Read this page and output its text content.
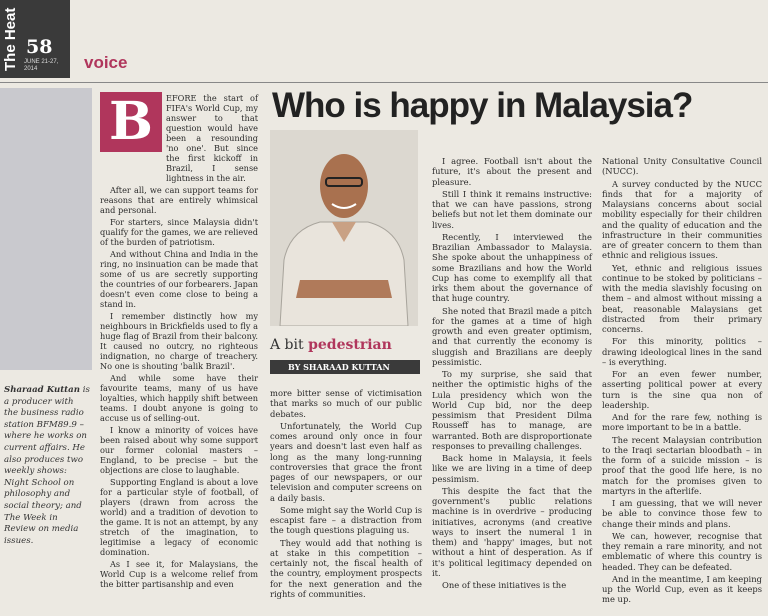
The Heat 58
JUNE 21-27, 2014	voice
Who is happy in Malaysia?
Sharaad Kuttan is a producer with the business radio station BFM89.9 – where he works on current affairs. He also produces two weekly shows: Night School on philosophy and social theory; and The Week in Review on media issues.
B	EFORE the start of FIFA's World Cup, my answer to that question would have been a resounding 'no one'. But since the first kickoff in Brazil, I sense lightness in the air.

After all, we can support teams for reasons that are entirely whimsical and personal.

For starters, since Malaysia didn't qualify for the games, we are relieved of the burden of patriotism.

And without China and India in the ring, no insinuation can be made that some of us are secretly supporting the countries of our forbearers. Japan doesn't even come close to being a stand in.

I remember distinctly how my neighbours in Brickfields used to fly a huge flag of Brazil from their balcony. It caused no outcry, no righteous indignation, no charge of treachery. No one is shouting 'balik Brazil'.

And while some have their favourite teams, many of us have loyalties, which happily shift between teams. I doubt anyone is going to accuse us of selling-out.

I know a minority of voices have been raised about why some support our former colonial masters – England, to be precise – but the objections are close to laughable.

Supporting England is about a love for a particular style of football, of players (drawn from across the world) and a tradition of devotion to the game. It is not an attempt, by any stretch of the imagination, to legitimise a legacy of economic domination.

As I see it, for Malaysians, the World Cup is a welcome relief from the bitter partisanship and even

A bit pedestrian
BY SHARAAD KUTTAN

more bitter sense of victimisation that marks so much of our public debates.

Unfortunately, the World Cup comes around only once in four years and doesn't last even half as long as the many long-running controversies that grace the front pages of our newspapers, or our television and computer screens on a daily basis.

Some might say the World Cup is escapist fare – a distraction from the tough questions plaguing us.

They would add that nothing is at stake in this competition – certainly not, the fiscal health of the country, employment prospects for the next generation and the rights of communities.

I agree. Football isn't about the future, it's about the present and pleasure.

Still I think it remains instructive: that we can have passions, strong beliefs but not let them dominate our lives.

Recently, I interviewed the Brazilian Ambassador to Malaysia. She spoke about the unhappiness of some Brazilians and how the World Cup has come to exemplify all that irks them about the governance of that huge country.

She noted that Brazil made a pitch for the games at a time of high growth and even greater optimism, and that currently the economy is sluggish and Brazilians are deeply pessimistic.

To my surprise, she said that neither the optimistic highs of the Lula presidency which won the World Cup bid, nor the deep pessimism that President Dilma Rousseff has to manage, are warranted. Both are disproportionate responses to prevailing challenges.

Back home in Malaysia, it feels like we are living in a time of deep pessimism.

This despite the fact that the government's public relations machine is in overdrive – producing initiatives, acronyms (and creative ways to insert the numeral 1 in them) and 'happy' images, but not without a hint of desperation. As if it's political legitimacy depended on it.

One of these initiatives is the

National Unity Consultative Council (NUCC).

A survey conducted by the NUCC finds that for a majority of Malaysians concerns about social mobility especially for their children and the quality of education and the infrastructure in their communities are of greater concern to them than ethnic and religious issues.

Yet, ethnic and religious issues continue to be stoked by politicians – with the media slavishly focusing on them – and almost without missing a beat, reasonable Malaysians get distracted from their primary concerns.

For this minority, politics – drawing ideological lines in the sand – is everything.

For an even fewer number, asserting political power at every turn is the sine qua non of leadership.

And for the rare few, nothing is more important to be in a battle.

The recent Malaysian contribution to the Iraqi sectarian bloodbath – in the form of a suicide mission – is proof that the good life here, is no match for the promises given to martyrs in the afterlife.

I am guessing, that we will never be able to convince those few to change their minds and plans.

We can, however, recognise that they remain a rare minority, and not emblematic of where this country is headed. They can be defeated.

And in the meantime, I am keeping up the World Cup, even as it keeps me up.
